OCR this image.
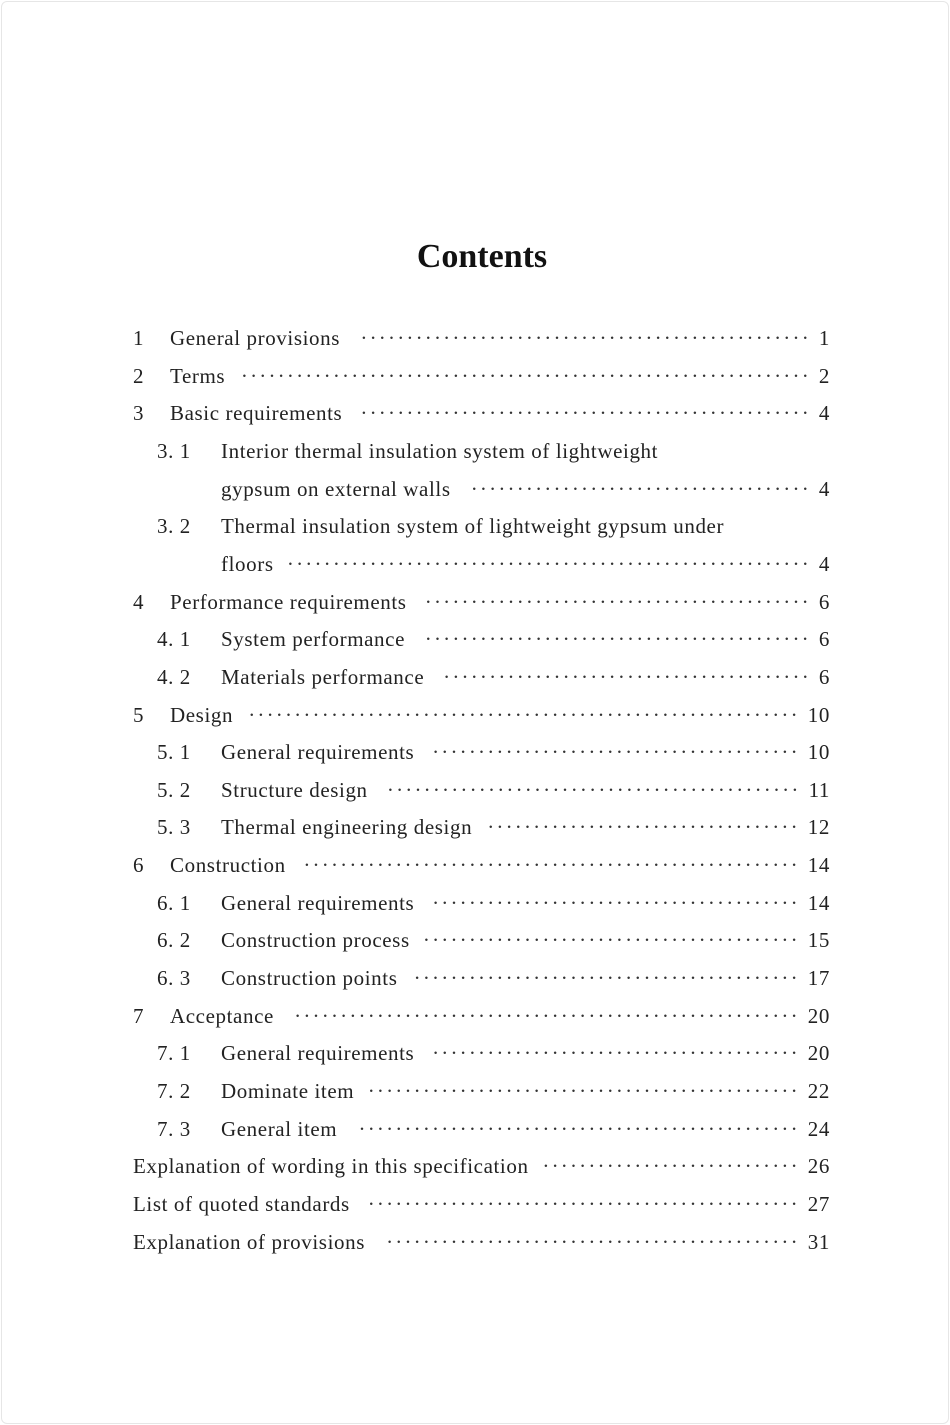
Contents
1	General provisions ················································· 1
2	Terms ······························································ 2
3	Basic requirements ················································· 4
3. 1	Interior thermal insulation system of lightweight
gypsum on external walls ····································· 4
3. 2	Thermal insulation system of lightweight gypsum under
floors ························································· 4
4	Performance requirements ·········································· 6
4. 1	System performance ·········································· 6
4. 2	Materials performance ········································ 6
5	Design ···························································· 10
5. 1	General requirements ········································ 10
5. 2	Structure design ············································· 11
5. 3	Thermal engineering design ·································· 12
6	Construction ······················································ 14
6. 1	General requirements ········································ 14
6. 2	Construction process ········································· 15
6. 3	Construction points ·········································· 17
7	Acceptance ······················································· 20
7. 1	General requirements ········································ 20
7. 2	Dominate item ··············································· 22
7. 3	General item	················································ 24
Explanation of wording in this specification ···························· 26
List of quoted standards ··············································· 27
Explanation of provisions	············································· 31
